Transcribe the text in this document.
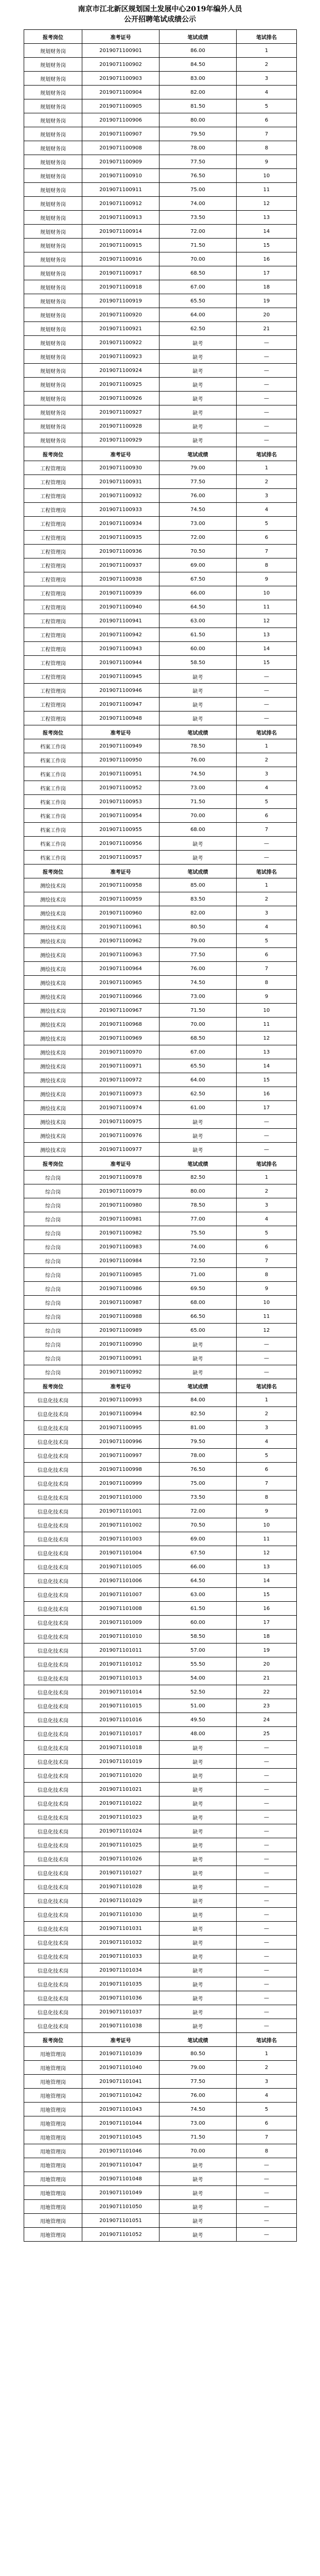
南京市江北新区规划国土发展中心2019年编外人员
公开招聘笔试成绩公示
报考岗位	准考证号	笔试成绩	笔试排名
规划财务岗	2019071100901	86.00	1
规划财务岗	2019071100902	84.50	2
规划财务岗	2019071100903	83.00	3
规划财务岗	2019071100904	82.00	4
规划财务岗	2019071100905	81.50	5
规划财务岗	2019071100906	80.00	6
规划财务岗	2019071100907	79.50	7
规划财务岗	2019071100908	78.00	8
规划财务岗	2019071100909	77.50	9
规划财务岗	2019071100910	76.50	10
规划财务岗	2019071100911	75.00	11
规划财务岗	2019071100912	74.00	12
规划财务岗	2019071100913	73.50	13
规划财务岗	2019071100914	72.00	14
规划财务岗	2019071100915	71.50	15
规划财务岗	2019071100916	70.00	16
规划财务岗	2019071100917	68.50	17
规划财务岗	2019071100918	67.00	18
规划财务岗	2019071100919	65.50	19
规划财务岗	2019071100920	64.00	20
规划财务岗	2019071100921	62.50	21
规划财务岗	2019071100922	缺考	—
规划财务岗	2019071100923	缺考	—
规划财务岗	2019071100924	缺考	—
规划财务岗	2019071100925	缺考	—
规划财务岗	2019071100926	缺考	—
规划财务岗	2019071100927	缺考	—
规划财务岗	2019071100928	缺考	—
规划财务岗	2019071100929	缺考	—
报考岗位	准考证号	笔试成绩	笔试排名
工程管理岗	2019071100930	79.00	1
工程管理岗	2019071100931	77.50	2
工程管理岗	2019071100932	76.00	3
工程管理岗	2019071100933	74.50	4
工程管理岗	2019071100934	73.00	5
工程管理岗	2019071100935	72.00	6
工程管理岗	2019071100936	70.50	7
工程管理岗	2019071100937	69.00	8
工程管理岗	2019071100938	67.50	9
工程管理岗	2019071100939	66.00	10
工程管理岗	2019071100940	64.50	11
工程管理岗	2019071100941	63.00	12
工程管理岗	2019071100942	61.50	13
工程管理岗	2019071100943	60.00	14
工程管理岗	2019071100944	58.50	15
工程管理岗	2019071100945	缺考	—
工程管理岗	2019071100946	缺考	—
工程管理岗	2019071100947	缺考	—
工程管理岗	2019071100948	缺考	—
报考岗位	准考证号	笔试成绩	笔试排名
档案工作岗	2019071100949	78.50	1
档案工作岗	2019071100950	76.00	2
档案工作岗	2019071100951	74.50	3
档案工作岗	2019071100952	73.00	4
档案工作岗	2019071100953	71.50	5
档案工作岗	2019071100954	70.00	6
档案工作岗	2019071100955	68.00	7
档案工作岗	2019071100956	缺考	—
档案工作岗	2019071100957	缺考	—
报考岗位	准考证号	笔试成绩	笔试排名
测绘技术岗	2019071100958	85.00	1
测绘技术岗	2019071100959	83.50	2
测绘技术岗	2019071100960	82.00	3
测绘技术岗	2019071100961	80.50	4
测绘技术岗	2019071100962	79.00	5
测绘技术岗	2019071100963	77.50	6
测绘技术岗	2019071100964	76.00	7
测绘技术岗	2019071100965	74.50	8
测绘技术岗	2019071100966	73.00	9
测绘技术岗	2019071100967	71.50	10
测绘技术岗	2019071100968	70.00	11
测绘技术岗	2019071100969	68.50	12
测绘技术岗	2019071100970	67.00	13
测绘技术岗	2019071100971	65.50	14
测绘技术岗	2019071100972	64.00	15
测绘技术岗	2019071100973	62.50	16
测绘技术岗	2019071100974	61.00	17
测绘技术岗	2019071100975	缺考	—
测绘技术岗	2019071100976	缺考	—
测绘技术岗	2019071100977	缺考	—
报考岗位	准考证号	笔试成绩	笔试排名
综合岗	2019071100978	82.50	1
综合岗	2019071100979	80.00	2
综合岗	2019071100980	78.50	3
综合岗	2019071100981	77.00	4
综合岗	2019071100982	75.50	5
综合岗	2019071100983	74.00	6
综合岗	2019071100984	72.50	7
综合岗	2019071100985	71.00	8
综合岗	2019071100986	69.50	9
综合岗	2019071100987	68.00	10
综合岗	2019071100988	66.50	11
综合岗	2019071100989	65.00	12
综合岗	2019071100990	缺考	—
综合岗	2019071100991	缺考	—
综合岗	2019071100992	缺考	—
报考岗位	准考证号	笔试成绩	笔试排名
信息化技术岗	2019071100993	84.00	1
信息化技术岗	2019071100994	82.50	2
信息化技术岗	2019071100995	81.00	3
信息化技术岗	2019071100996	79.50	4
信息化技术岗	2019071100997	78.00	5
信息化技术岗	2019071100998	76.50	6
信息化技术岗	2019071100999	75.00	7
信息化技术岗	2019071101000	73.50	8
信息化技术岗	2019071101001	72.00	9
信息化技术岗	2019071101002	70.50	10
信息化技术岗	2019071101003	69.00	11
信息化技术岗	2019071101004	67.50	12
信息化技术岗	2019071101005	66.00	13
信息化技术岗	2019071101006	64.50	14
信息化技术岗	2019071101007	63.00	15
信息化技术岗	2019071101008	61.50	16
信息化技术岗	2019071101009	60.00	17
信息化技术岗	2019071101010	58.50	18
信息化技术岗	2019071101011	57.00	19
信息化技术岗	2019071101012	55.50	20
信息化技术岗	2019071101013	54.00	21
信息化技术岗	2019071101014	52.50	22
信息化技术岗	2019071101015	51.00	23
信息化技术岗	2019071101016	49.50	24
信息化技术岗	2019071101017	48.00	25
信息化技术岗	2019071101018	缺考	—
信息化技术岗	2019071101019	缺考	—
信息化技术岗	2019071101020	缺考	—
信息化技术岗	2019071101021	缺考	—
信息化技术岗	2019071101022	缺考	—
信息化技术岗	2019071101023	缺考	—
信息化技术岗	2019071101024	缺考	—
信息化技术岗	2019071101025	缺考	—
信息化技术岗	2019071101026	缺考	—
信息化技术岗	2019071101027	缺考	—
信息化技术岗	2019071101028	缺考	—
信息化技术岗	2019071101029	缺考	—
信息化技术岗	2019071101030	缺考	—
信息化技术岗	2019071101031	缺考	—
信息化技术岗	2019071101032	缺考	—
信息化技术岗	2019071101033	缺考	—
信息化技术岗	2019071101034	缺考	—
信息化技术岗	2019071101035	缺考	—
信息化技术岗	2019071101036	缺考	—
信息化技术岗	2019071101037	缺考	—
信息化技术岗	2019071101038	缺考	—
报考岗位	准考证号	笔试成绩	笔试排名
用地管理岗	2019071101039	80.50	1
用地管理岗	2019071101040	79.00	2
用地管理岗	2019071101041	77.50	3
用地管理岗	2019071101042	76.00	4
用地管理岗	2019071101043	74.50	5
用地管理岗	2019071101044	73.00	6
用地管理岗	2019071101045	71.50	7
用地管理岗	2019071101046	70.00	8
用地管理岗	2019071101047	缺考	—
用地管理岗	2019071101048	缺考	—
用地管理岗	2019071101049	缺考	—
用地管理岗	2019071101050	缺考	—
用地管理岗	2019071101051	缺考	—
用地管理岗	2019071101052	缺考	—
